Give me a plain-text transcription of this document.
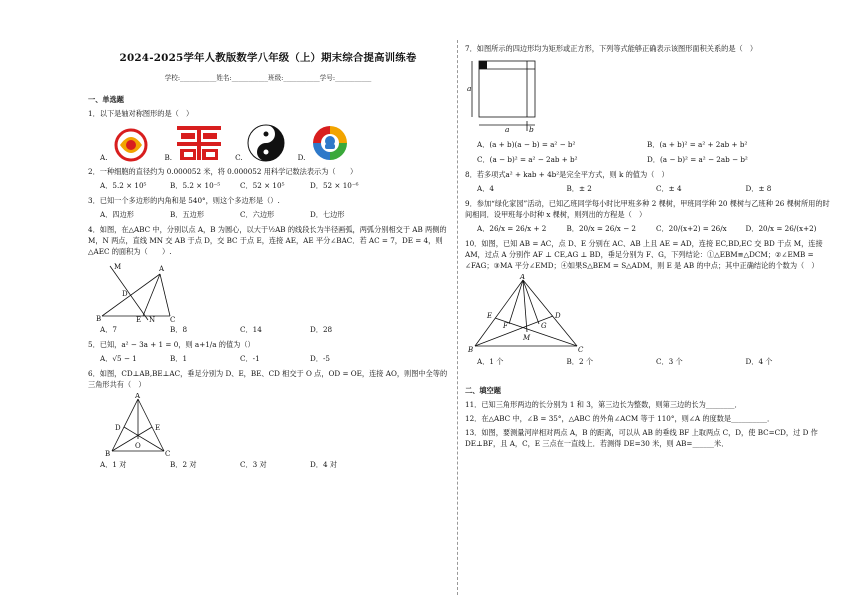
2024-2025学年人教版数学八年级（上）期末综合提高训练卷
学校:___________姓名:___________班级:___________学号:___________
一、单选题
1．以下是轴对称图形的是（　）
A.	B.	C.	D.
2．一种细胞的直径约为 0.000052 米，将 0.000052 用科学记数法表示为（　　）
A．5.2 × 10⁵	B．5.2 × 10⁻⁵	C．52 × 10⁵	D．52 × 10⁻⁶
3．已知一个多边形的内角和是 540°，则这个多边形是（）.
A．四边形	B．五边形	C．六边形	D．七边形
4．如图，在△ABC 中，分别以点 A，B 为圆心，以大于½AB 的线段长为半径画弧，两弧分别相交于 AB 两侧的 M，N 两点，直线 MN 交 AB 于点 D，交 BC 于点 E，连接 AE，AE 平分∠BAC．若 AC = 7，DE = 4，则△AEC 的面积为（　　）.
M	A
D
B	E N C
A．7	B．8	C．14	D．28
5．已知，a² − 3a + 1 = 0，则 a+1/a 的值为（）
A．√5 − 1	B．1	C．-1	D．-5
6．如图，CD⊥AB,BE⊥AC，垂足分别为 D、E，BE、CD 相交于 O 点，OD = OE，连接 AO，则图中全等的三角形共有（　）
A
D	E
O
B	C
A．1 对	B．2 对	C．3 对	D．4 对
7．如图所示的四边形均为矩形或正方形，下列等式能够正确表示该图形面积关系的是（　）
b
a
a	b
A．(a + b)(a − b) = a² − b²	B．(a + b)² = a² + 2ab + b²
C．(a − b)² = a² − 2ab + b²	D．(a − b)² = a² − 2ab − b²
8．若多项式a² + kab + 4b²是完全平方式，则 k 的值为（　）
A．4	B．± 2	C．± 4	D．± 8
9．参加“绿化家园”活动，已知乙班同学每小时比甲班多种 2 棵树，甲班同学种 20 棵树与乙班种 26 棵树所用的时间相同．设甲班每小时种 x 棵树，则列出的方程是（　）
A．26/x = 26/x + 2	B．20/x = 26/x − 2	C．20/(x+2) = 26/x	D．20/x = 26/(x+2)
10．如图，已知 AB = AC，点 D、E 分别在 AC、AB 上且 AE = AD，连接 EC,BD,EC 交 BD 于点 M，连接 AM，过点 A 分别作 AF ⊥ CE,AG ⊥ BD，垂足分别为 F、G，下列结论：①△EBM≌△DCM；②∠EMB = ∠FAG；③MA 平分∠EMD；④如果S△BEM = S△ADM，则 E 是 AB 的中点；其中正确结论的个数为（　）
A
E	D
F
M
G
B	C
A．1 个	B．2 个	C．3 个	D．4 个
二、填空题
11．已知三角形两边的长分别为 1 和 3，第三边长为整数，则第三边的长为________．
12．在△ABC 中，∠B = 35°，△ABC 的外角∠ACM 等于 110°，则∠A 的度数是__________．
13．如图，要测量河岸相对两点 A，B 的距离，可以从 AB 的垂线 BF 上取两点 C，D，使 BC=CD，过 D 作 DE⊥BF，且 A，C，E 三点在一直线上．若测得 DE=30 米，则 AB=______米．
